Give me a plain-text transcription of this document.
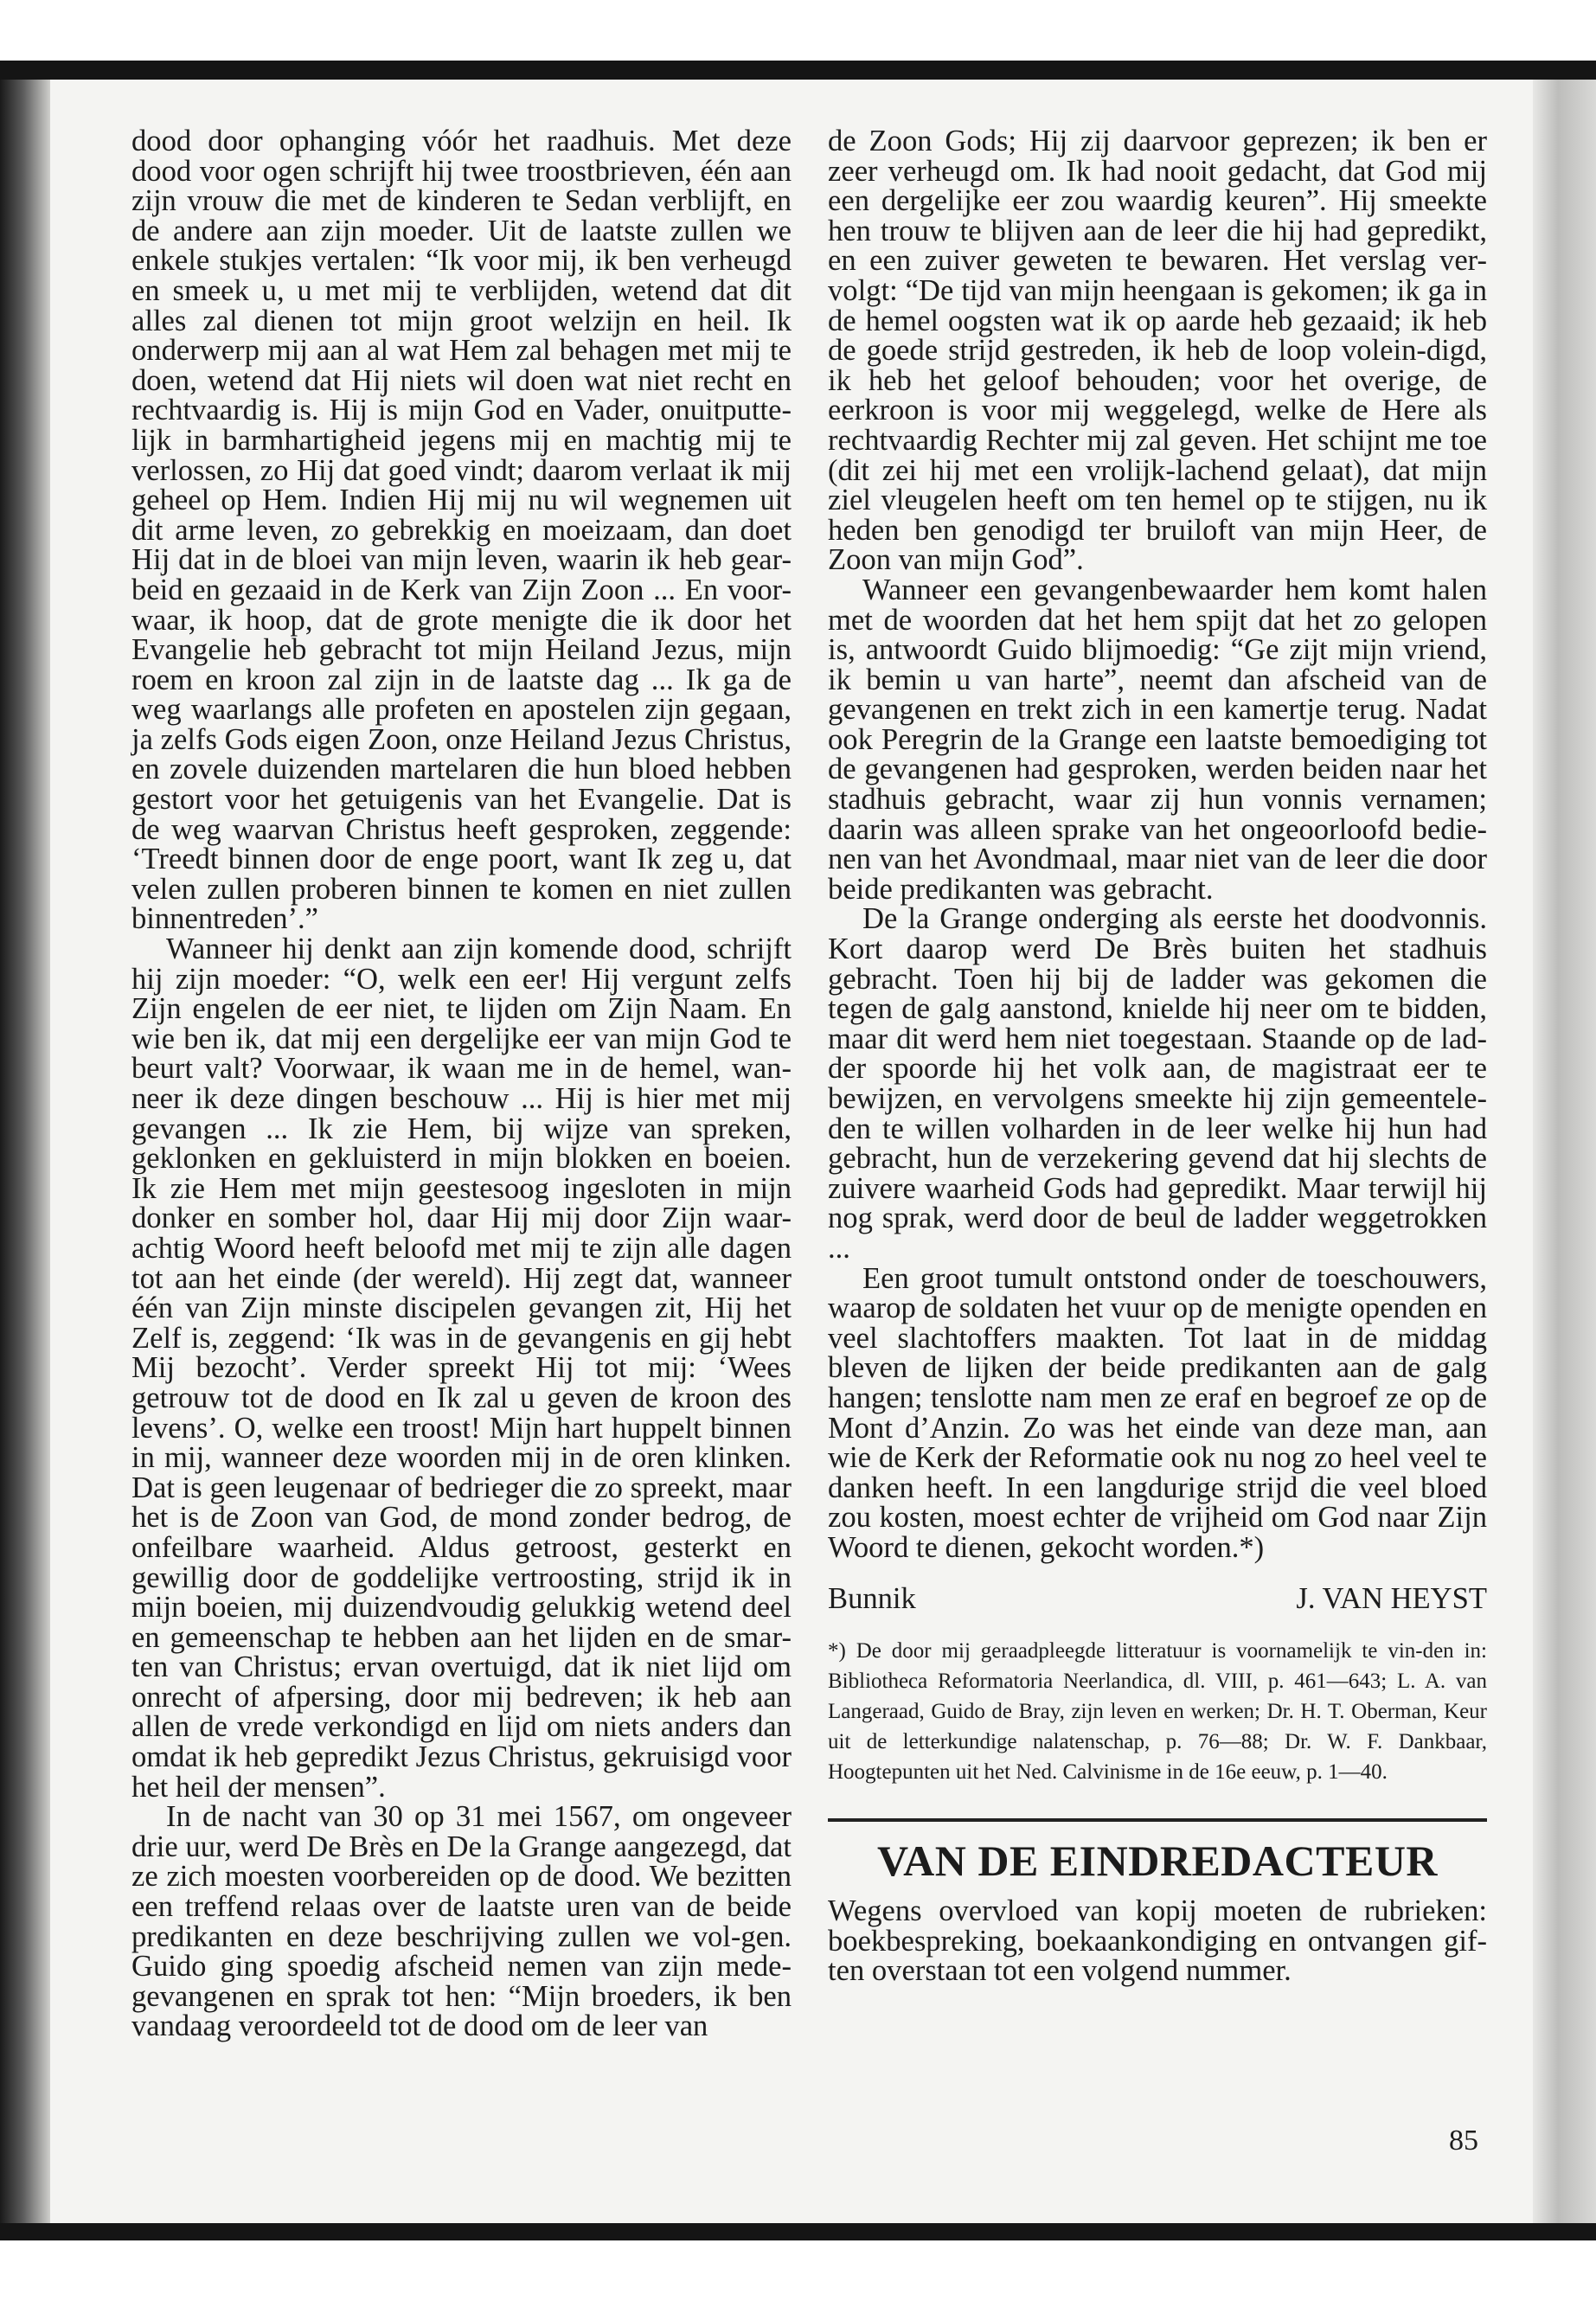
dood door ophanging vóór het raadhuis. Met deze dood voor ogen schrijft hij twee troostbrieven, één aan zijn vrouw die met de kinderen te Sedan verblijft, en de andere aan zijn moeder. Uit de laatste zullen we enkele stukjes vertalen: “Ik voor mij, ik ben verheugd en smeek u, u met mij te verblijden, wetend dat dit alles zal dienen tot mijn groot welzijn en heil. Ik onderwerp mij aan al wat Hem zal behagen met mij te doen, wetend dat Hij niets wil doen wat niet recht en rechtvaardig is. Hij is mijn God en Vader, onuitputte-lijk in barmhartigheid jegens mij en machtig mij te verlossen, zo Hij dat goed vindt; daarom verlaat ik mij geheel op Hem. Indien Hij mij nu wil wegnemen uit dit arme leven, zo gebrekkig en moeizaam, dan doet Hij dat in de bloei van mijn leven, waarin ik heb gear-beid en gezaaid in de Kerk van Zijn Zoon ... En voor-waar, ik hoop, dat de grote menigte die ik door het Evangelie heb gebracht tot mijn Heiland Jezus, mijn roem en kroon zal zijn in de laatste dag ... Ik ga de weg waarlangs alle profeten en apostelen zijn gegaan, ja zelfs Gods eigen Zoon, onze Heiland Jezus Christus, en zovele duizenden martelaren die hun bloed hebben gestort voor het getuigenis van het Evangelie. Dat is de weg waarvan Christus heeft gesproken, zeggende: ‘Treedt binnen door de enge poort, want Ik zeg u, dat velen zullen proberen binnen te komen en niet zullen binnentreden’.”

Wanneer hij denkt aan zijn komende dood, schrijft hij zijn moeder: “O, welk een eer! Hij vergunt zelfs Zijn engelen de eer niet, te lijden om Zijn Naam. En wie ben ik, dat mij een dergelijke eer van mijn God te beurt valt? Voorwaar, ik waan me in de hemel, wan-neer ik deze dingen beschouw ... Hij is hier met mij gevangen ... Ik zie Hem, bij wijze van spreken, geklonken en gekluisterd in mijn blokken en boeien. Ik zie Hem met mijn geestesoog ingesloten in mijn donker en somber hol, daar Hij mij door Zijn waar-achtig Woord heeft beloofd met mij te zijn alle dagen tot aan het einde (der wereld). Hij zegt dat, wanneer één van Zijn minste discipelen gevangen zit, Hij het Zelf is, zeggend: ‘Ik was in de gevangenis en gij hebt Mij bezocht’. Verder spreekt Hij tot mij: ‘Wees getrouw tot de dood en Ik zal u geven de kroon des levens’. O, welke een troost! Mijn hart huppelt binnen in mij, wanneer deze woorden mij in de oren klinken. Dat is geen leugenaar of bedrieger die zo spreekt, maar het is de Zoon van God, de mond zonder bedrog, de onfeilbare waarheid. Aldus getroost, gesterkt en gewillig door de goddelijke vertroosting, strijd ik in mijn boeien, mij duizendvoudig gelukkig wetend deel en gemeenschap te hebben aan het lijden en de smar-ten van Christus; ervan overtuigd, dat ik niet lijd om onrecht of afpersing, door mij bedreven; ik heb aan allen de vrede verkondigd en lijd om niets anders dan omdat ik heb gepredikt Jezus Christus, gekruisigd voor het heil der mensen”.

In de nacht van 30 op 31 mei 1567, om ongeveer drie uur, werd De Brès en De la Grange aangezegd, dat ze zich moesten voorbereiden op de dood. We bezitten een treffend relaas over de laatste uren van de beide predikanten en deze beschrijving zullen we vol-gen. Guido ging spoedig afscheid nemen van zijn mede-gevangenen en sprak tot hen: “Mijn broeders, ik ben vandaag veroordeeld tot de dood om de leer van

de Zoon Gods; Hij zij daarvoor geprezen; ik ben er zeer verheugd om. Ik had nooit gedacht, dat God mij een dergelijke eer zou waardig keuren”. Hij smeekte hen trouw te blijven aan de leer die hij had gepredikt, en een zuiver geweten te bewaren. Het verslag ver-volgt: “De tijd van mijn heengaan is gekomen; ik ga in de hemel oogsten wat ik op aarde heb gezaaid; ik heb de goede strijd gestreden, ik heb de loop volein-digd, ik heb het geloof behouden; voor het overige, de eerkroon is voor mij weggelegd, welke de Here als rechtvaardig Rechter mij zal geven. Het schijnt me toe (dit zei hij met een vrolijk-lachend gelaat), dat mijn ziel vleugelen heeft om ten hemel op te stijgen, nu ik heden ben genodigd ter bruiloft van mijn Heer, de Zoon van mijn God”.

Wanneer een gevangenbewaarder hem komt halen met de woorden dat het hem spijt dat het zo gelopen is, antwoordt Guido blijmoedig: “Ge zijt mijn vriend, ik bemin u van harte”, neemt dan afscheid van de gevangenen en trekt zich in een kamertje terug. Nadat ook Peregrin de la Grange een laatste bemoediging tot de gevangenen had gesproken, werden beiden naar het stadhuis gebracht, waar zij hun vonnis vernamen; daarin was alleen sprake van het ongeoorloofd bedie-nen van het Avondmaal, maar niet van de leer die door beide predikanten was gebracht.

De la Grange onderging als eerste het doodvonnis. Kort daarop werd De Brès buiten het stadhuis gebracht. Toen hij bij de ladder was gekomen die tegen de galg aanstond, knielde hij neer om te bidden, maar dit werd hem niet toegestaan. Staande op de lad-der spoorde hij het volk aan, de magistraat eer te bewijzen, en vervolgens smeekte hij zijn gemeentele-den te willen volharden in de leer welke hij hun had gebracht, hun de verzekering gevend dat hij slechts de zuivere waarheid Gods had gepredikt. Maar terwijl hij nog sprak, werd door de beul de ladder weggetrokken ...

Een groot tumult ontstond onder de toeschouwers, waarop de soldaten het vuur op de menigte openden en veel slachtoffers maakten. Tot laat in de middag bleven de lijken der beide predikanten aan de galg hangen; tenslotte nam men ze eraf en begroef ze op de Mont d’Anzin. Zo was het einde van deze man, aan wie de Kerk der Reformatie ook nu nog zo heel veel te danken heeft. In een langdurige strijd die veel bloed zou kosten, moest echter de vrijheid om God naar Zijn Woord te dienen, gekocht worden.*)

Bunnik	J. VAN HEYST
*) De door mij geraadpleegde litteratuur is voornamelijk te vin-den in: Bibliotheca Reformatoria Neerlandica, dl. VIII, p. 461—643; L. A. van Langeraad, Guido de Bray, zijn leven en werken; Dr. H. T. Oberman, Keur uit de letterkundige nalatenschap, p. 76—88; Dr. W. F. Dankbaar, Hoogtepunten uit het Ned. Calvinisme in de 16e eeuw, p. 1—40.
VAN DE EINDREDACTEUR

Wegens overvloed van kopij moeten de rubrieken: boekbespreking, boekaankondiging en ontvangen gif-ten overstaan tot een volgend nummer.

85
